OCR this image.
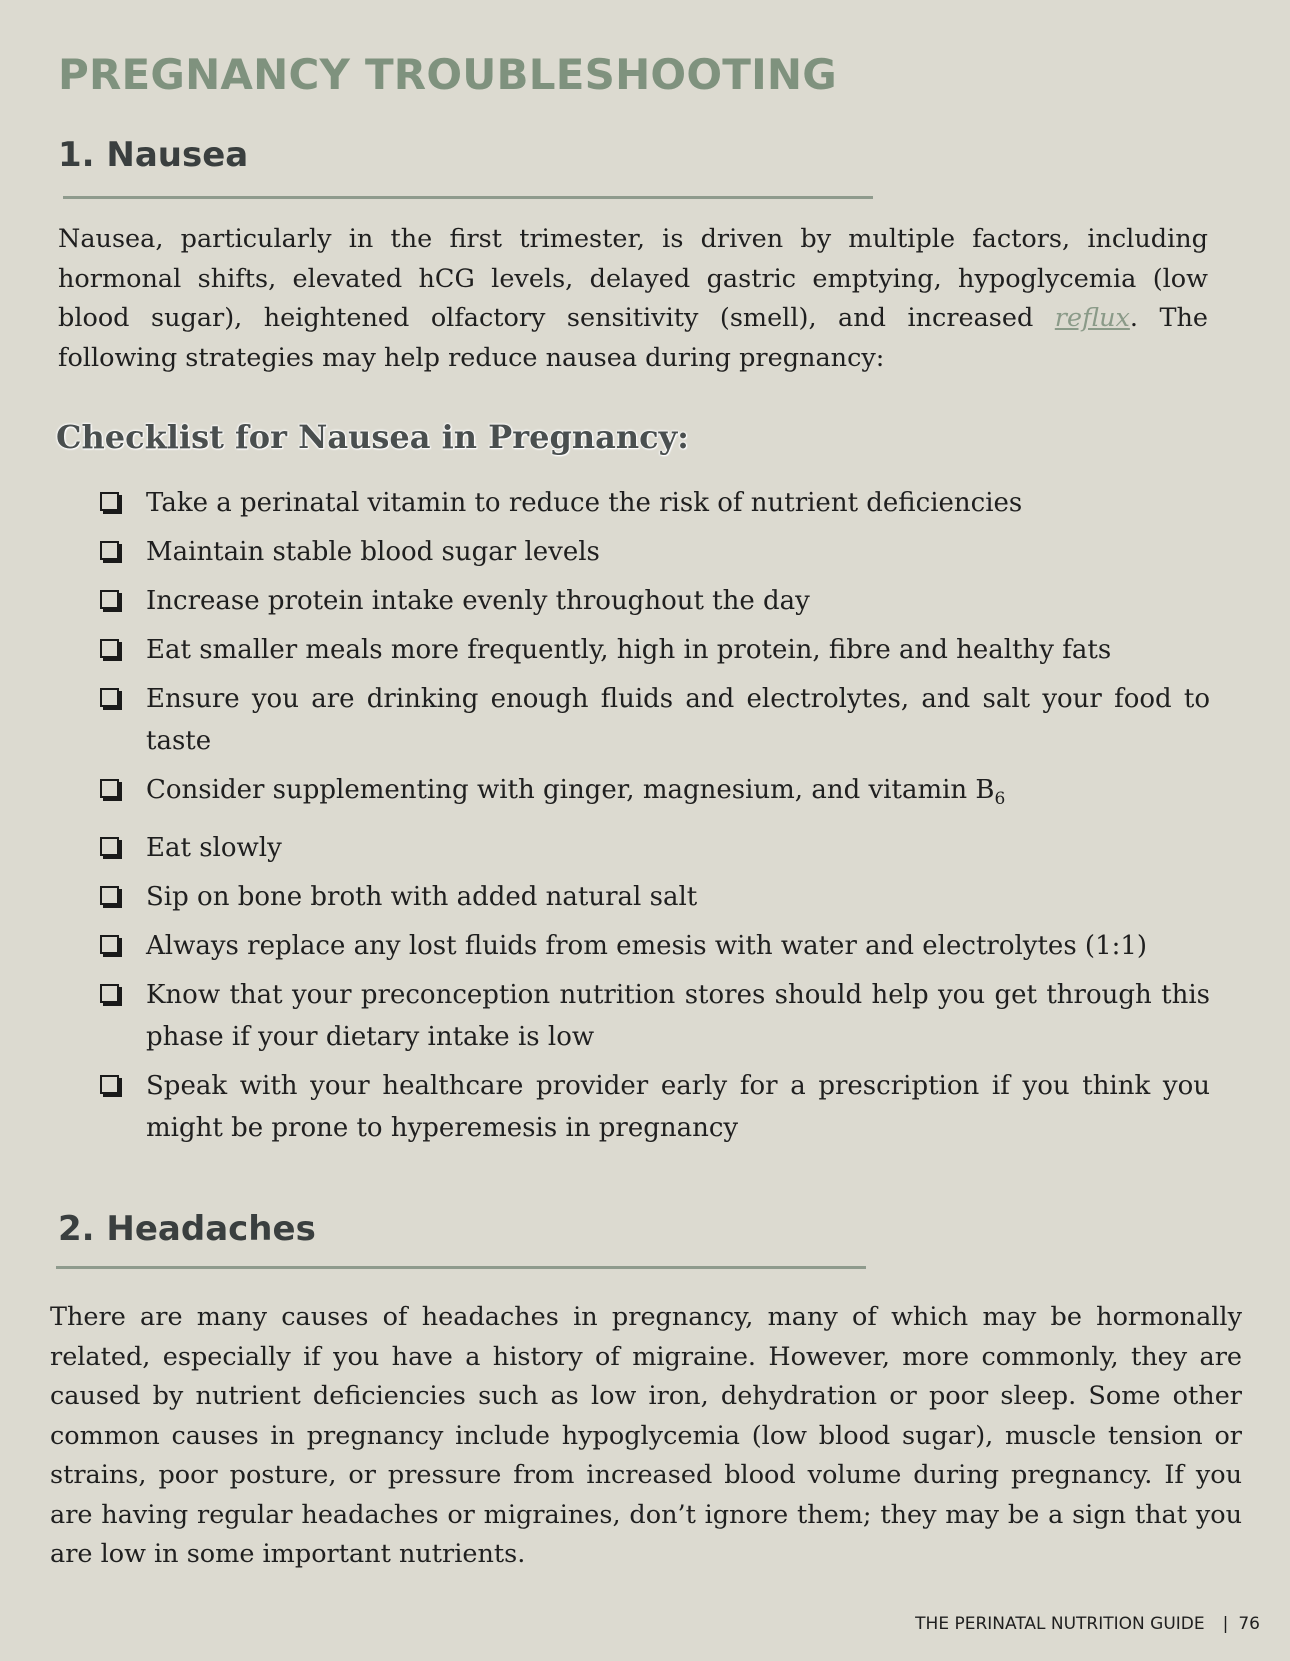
PREGNANCY TROUBLESHOOTING
1. Nausea

Nausea, particularly in the first trimester, is driven by multiple factors, including hormonal shifts, elevated hCG levels, delayed gastric emptying, hypoglycemia (low blood sugar), heightened olfactory sensitivity (smell), and increased reflux. The following strategies may help reduce nausea during pregnancy:

Checklist for Nausea in Pregnancy:
Take a perinatal vitamin to reduce the risk of nutrient deficiencies
Maintain stable blood sugar levels
Increase protein intake evenly throughout the day
Eat smaller meals more frequently, high in protein, fibre and healthy fats
Ensure you are drinking enough fluids and electrolytes, and salt your food to taste
Consider supplementing with ginger, magnesium, and vitamin $B_6$
Eat slowly
Sip on bone broth with added natural salt
Always replace any lost fluids from emesis with water and electrolytes (1:1)
Know that your preconception nutrition stores should help you get through this phase if your dietary intake is low
Speak with your healthcare provider early for a prescription if you think you might be prone to hyperemesis in pregnancy
2. Headaches

There are many causes of headaches in pregnancy, many of which may be hormonally related, especially if you have a history of migraine. However, more commonly, they are caused by nutrient deficiencies such as low iron, dehydration or poor sleep. Some other common causes in pregnancy include hypoglycemia (low blood sugar), muscle tension or strains, poor posture, or pressure from increased blood volume during pregnancy. If you are having regular headaches or migraines, don’t ignore them; they may be a sign that you are low in some important nutrients.

THE PERINATAL NUTRITION GUIDE | 76
